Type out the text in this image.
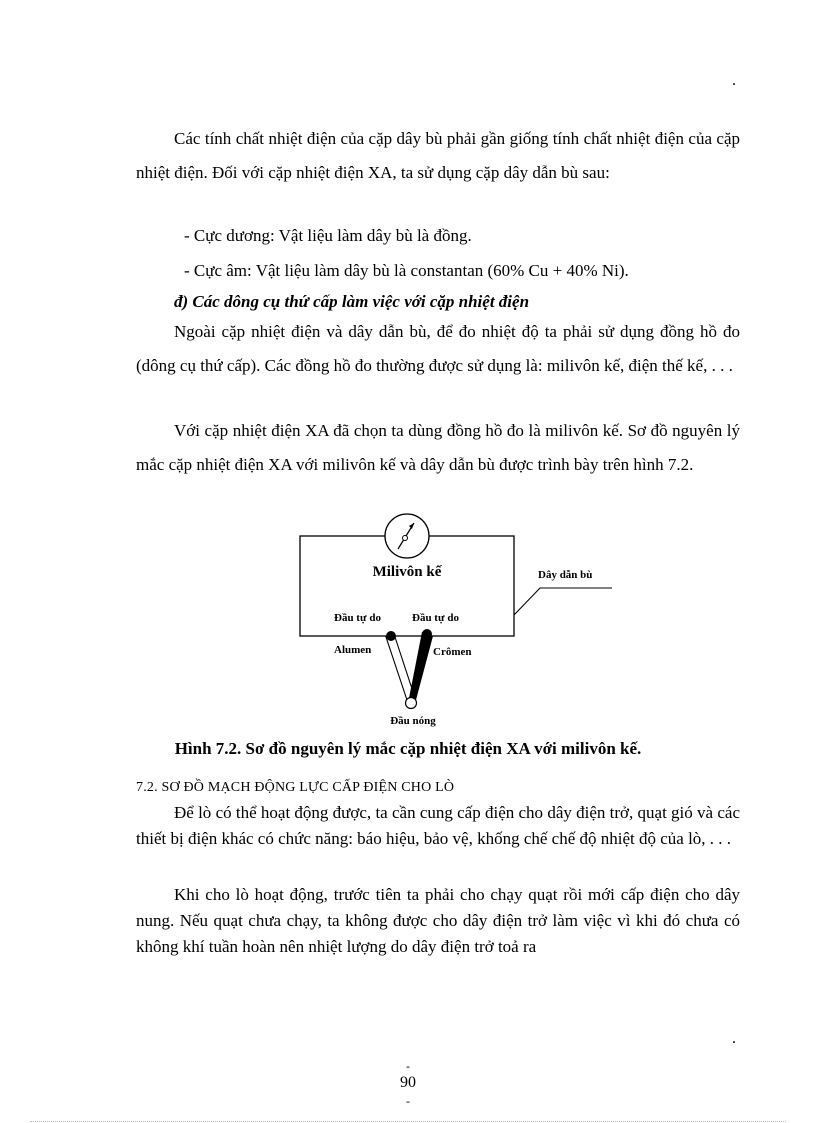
.

Các tính chất nhiệt điện của cặp dây bù phải gần giống tính chất nhiệt điện của cặp nhiệt điện. Đối với cặp nhiệt điện XA, ta sử dụng cặp dây dẫn bù sau:

- Cực dương: Vật liệu làm dây bù là đồng.

- Cực âm: Vật liệu làm dây bù là constantan (60% Cu + 40% Ni).

đ) Các dông cụ thứ cấp làm việc với cặp nhiệt điện

Ngoài cặp nhiệt điện và dây dẫn bù, để đo nhiệt độ ta phải sử dụng đồng hồ đo (dông cụ thứ cấp). Các đồng hồ đo thường được sử dụng là: milivôn kế, điện thế kế, . . .

Với cặp nhiệt điện XA đã chọn ta dùng đồng hồ đo là milivôn kế. Sơ đồ nguyên lý mắc cặp nhiệt điện XA với milivôn kế và dây dẫn bù được trình bày trên hình 7.2.

Milivôn kế	Dây dẫn bù
Đầu tự do	Đầu tự do
Alumen	Crômen
Đầu nóng

Hình 7.2. Sơ đồ nguyên lý mắc cặp nhiệt điện XA với milivôn kế.

7.2. SƠ ĐỒ MẠCH ĐỘNG LỰC CẤP ĐIỆN CHO LÒ

Để lò có thể hoạt động được, ta cần cung cấp điện cho dây điện trở, quạt gió và các thiết bị điện khác có chức năng: báo hiệu, bảo vệ, khống chế chế độ nhiệt độ của lò, . . .

Khi cho lò hoạt động, trước tiên ta phải cho chạy quạt rồi mới cấp điện cho dây nung. Nếu quạt chưa chạy, ta không được cho dây điện trở làm việc vì khi đó chưa có không khí tuần hoàn nên nhiệt lượng do dây điện trở toả ra

.
-
90
-
